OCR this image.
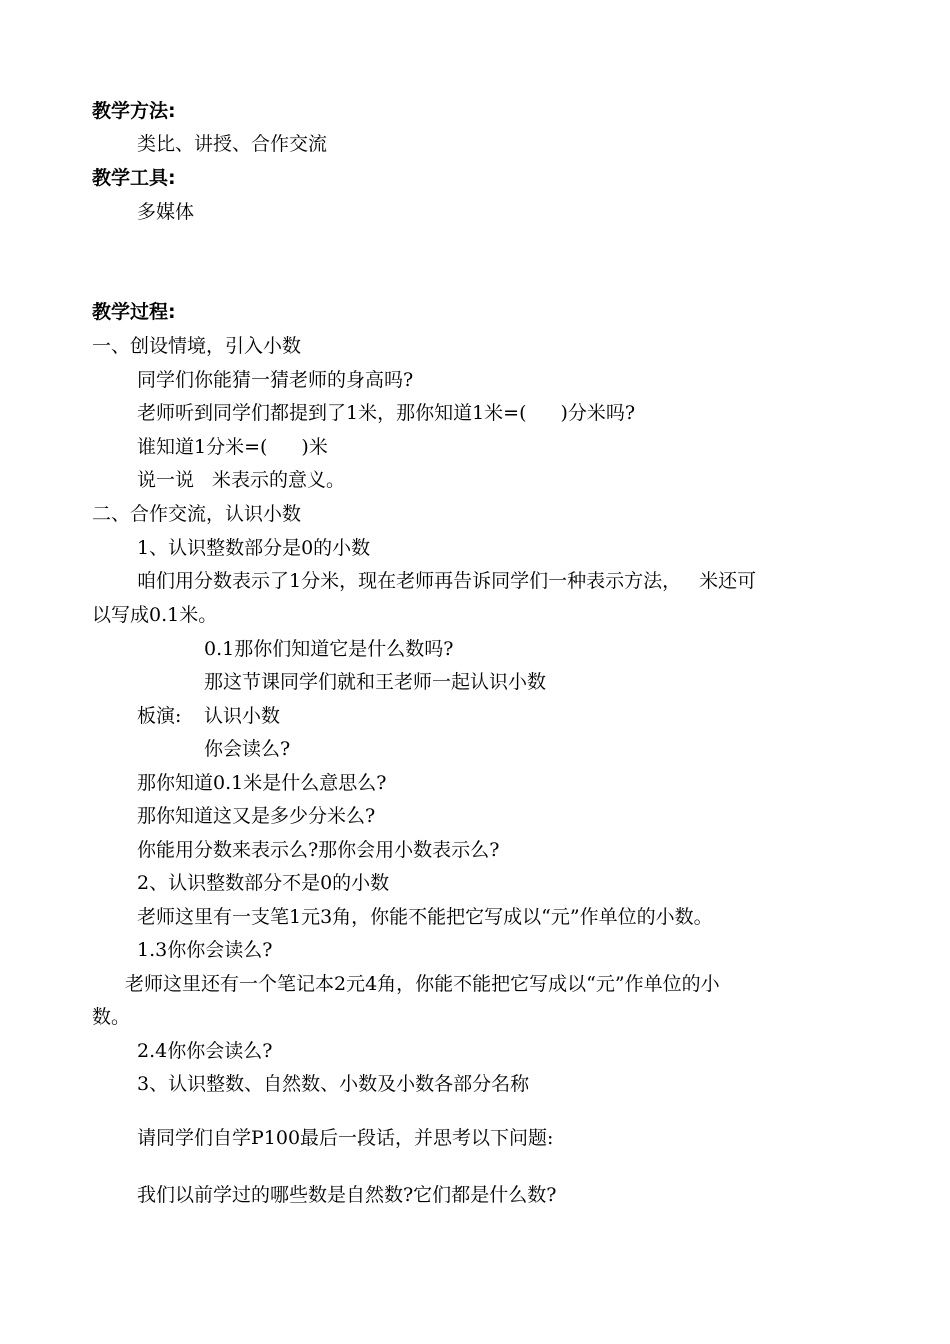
教学方法:
类比、讲授、合作交流
教学工具:
多媒体
教学过程:
一、创设情境，引入小数
同学们你能猜一猜老师的身高吗?
老师听到同学们都提到了1米，那你知道1米=( )分米吗?
谁知道1分米=( )米
说一说 米表示的意义。
二、合作交流，认识小数
1、认识整数部分是0的小数
咱们用分数表示了1分米，现在老师再告诉同学们一种表示方法， 米还可
以写成0.1米。
0.1那你们知道它是什么数吗?
那这节课同学们就和王老师一起认识小数
板演: 认识小数
你会读么?
那你知道0.1米是什么意思么?
那你知道这又是多少分米么?
你能用分数来表示么?那你会用小数表示么?
2、认识整数部分不是0的小数
老师这里有一支笔1元3角，你能不能把它写成以“元”作单位的小数。
1.3你你会读么?
老师这里还有一个笔记本2元4角，你能不能把它写成以“元”作单位的小
数。
2.4你你会读么?
3、认识整数、自然数、小数及小数各部分名称
请同学们自学P100最后一段话，并思考以下问题:
我们以前学过的哪些数是自然数?它们都是什么数?
